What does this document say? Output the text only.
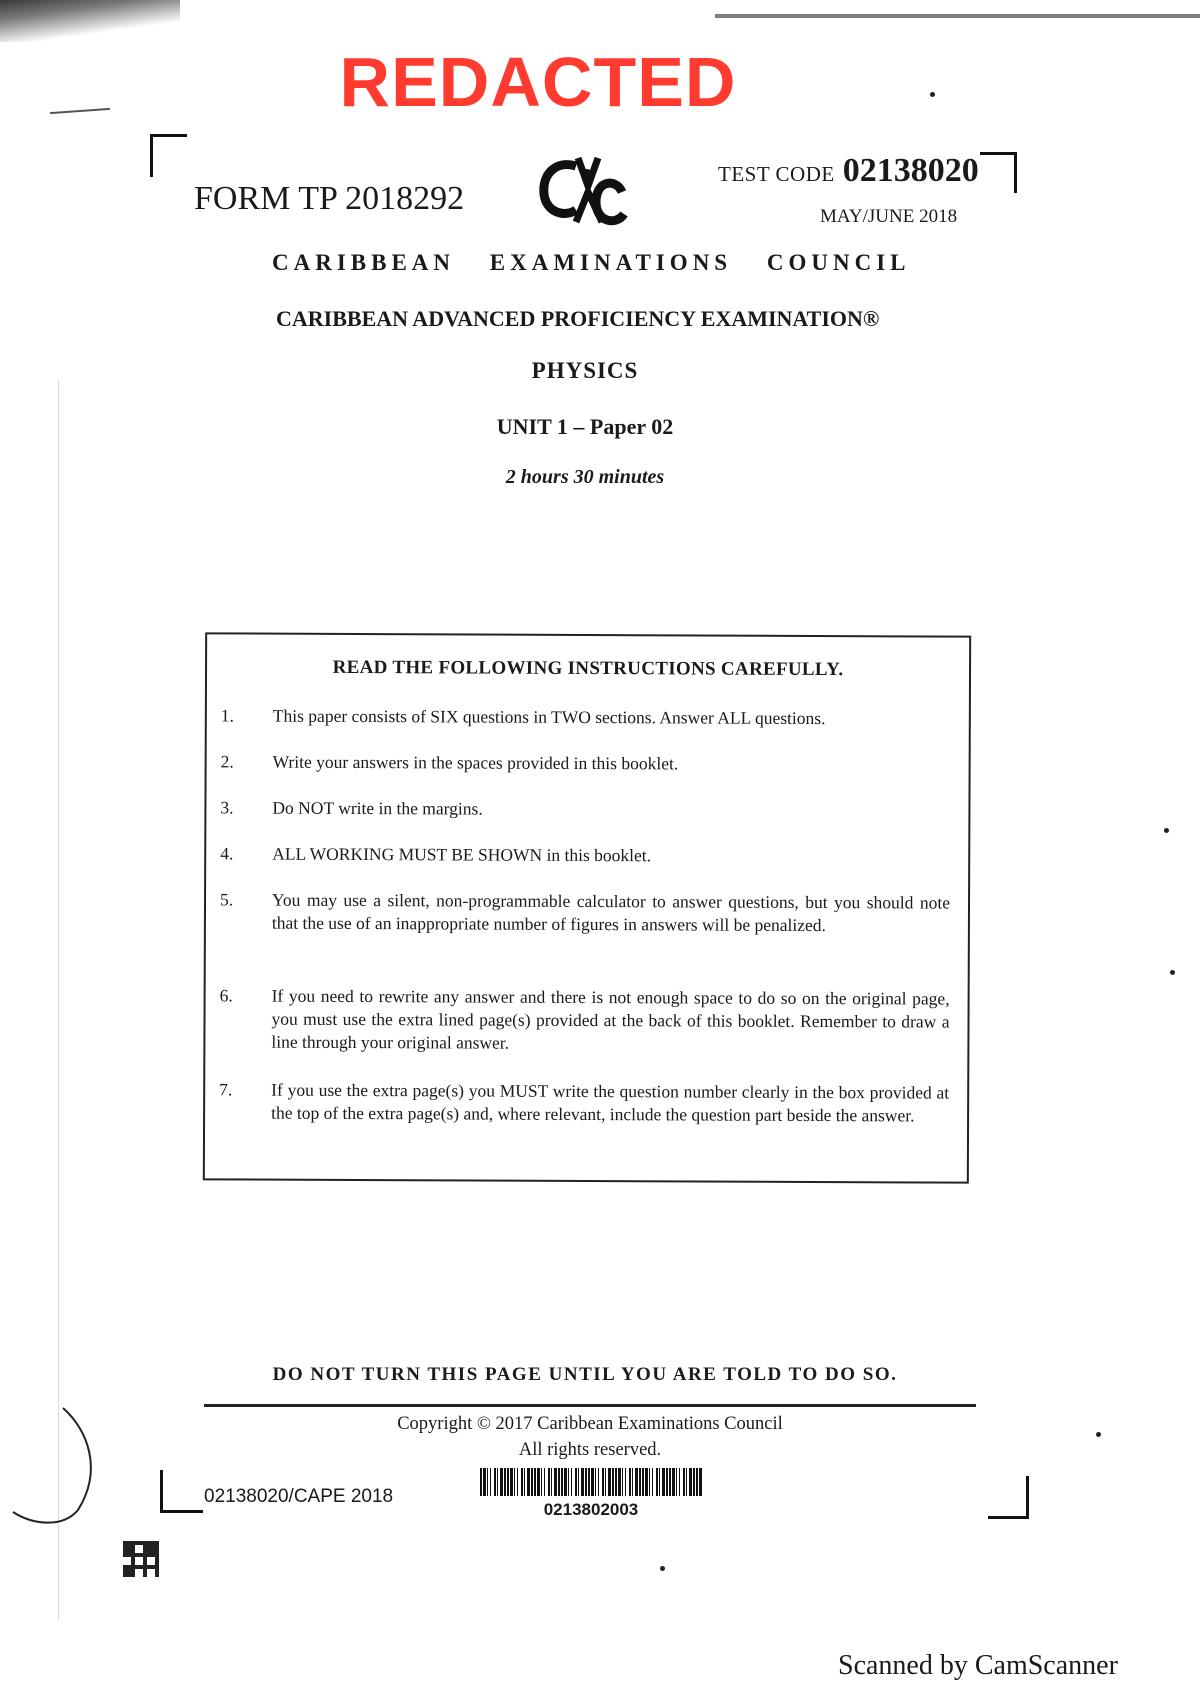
REDACTED
FORM TP 2018292
TEST CODE 02138020
MAY/JUNE 2018
CARIBBEAN EXAMINATIONS COUNCIL
CARIBBEAN ADVANCED PROFICIENCY EXAMINATION®
PHYSICS
UNIT 1 – Paper 02
2 hours 30 minutes
READ THE FOLLOWING INSTRUCTIONS CAREFULLY.
1.	This paper consists of SIX questions in TWO sections. Answer ALL questions.
2.	Write your answers in the spaces provided in this booklet.
3.	Do NOT write in the margins.
4.	ALL WORKING MUST BE SHOWN in this booklet.
5.	You may use a silent, non-programmable calculator to answer questions, but you should note that the use of an inappropriate number of figures in answers will be penalized.
6.	If you need to rewrite any answer and there is not enough space to do so on the original page, you must use the extra lined page(s) provided at the back of this booklet. Remember to draw a line through your original answer.
7.	If you use the extra page(s) you MUST write the question number clearly in the box provided at the top of the extra page(s) and, where relevant, include the question part beside the answer.
DO NOT TURN THIS PAGE UNTIL YOU ARE TOLD TO DO SO.
Copyright © 2017 Caribbean Examinations Council
All rights reserved.
02138020/CAPE 2018
0213802003
Scanned by CamScanner
